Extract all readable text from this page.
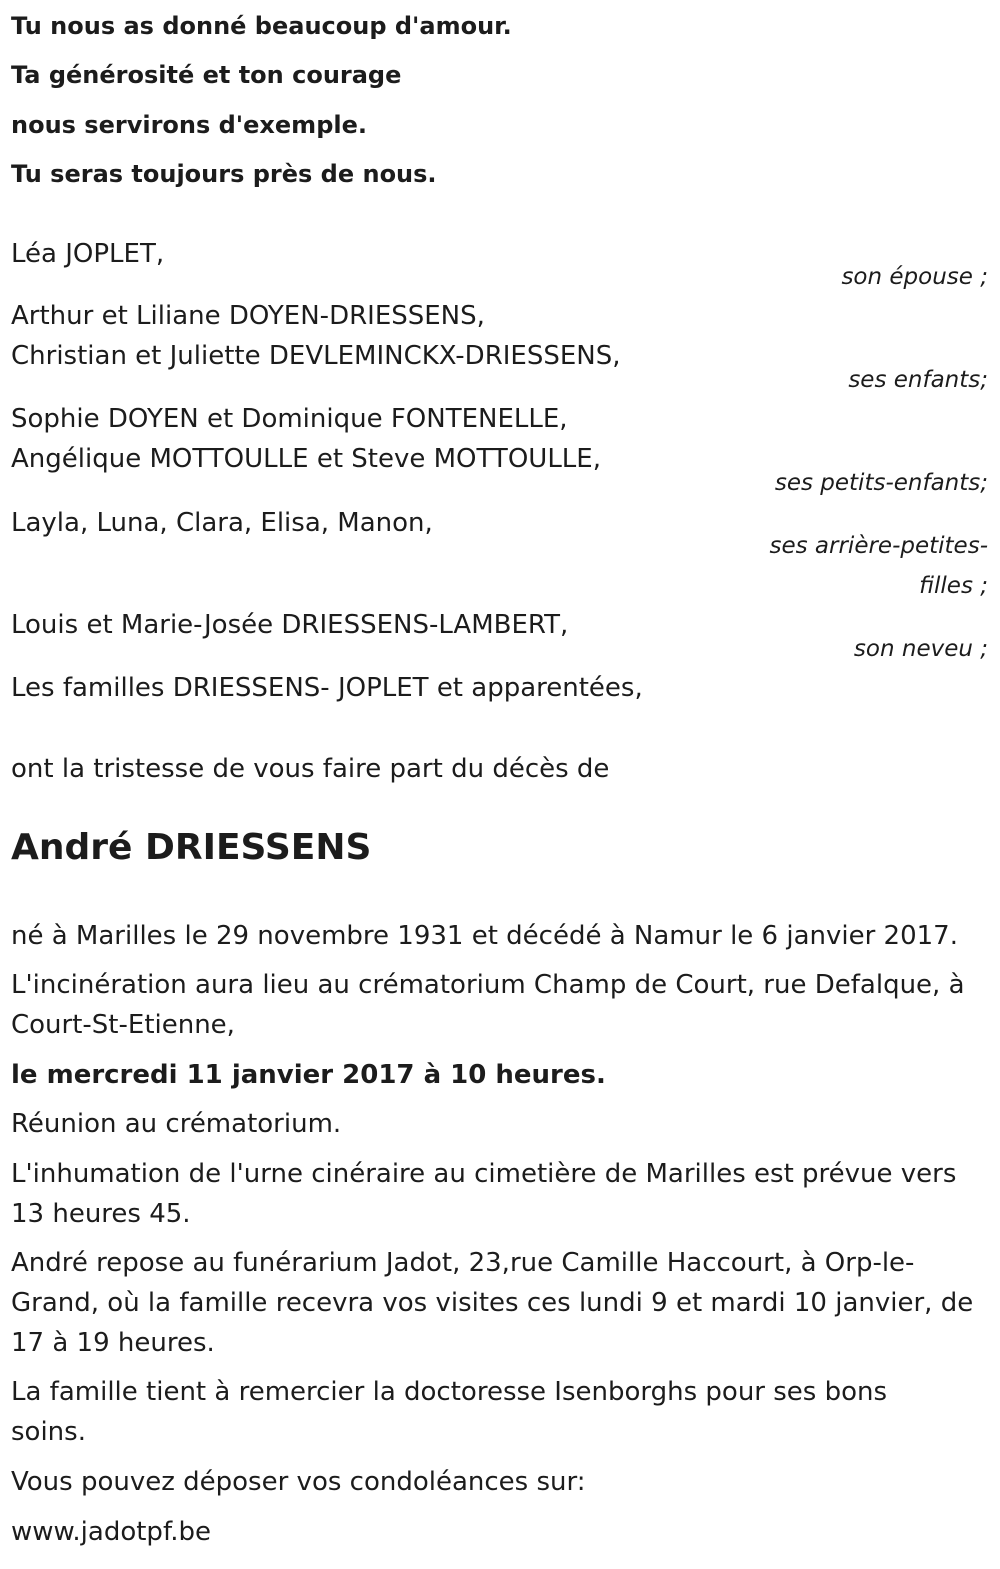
Tu nous as donné beaucoup d'amour.
Ta générosité et ton courage
nous servirons d'exemple.
Tu seras toujours près de nous.
Léa JOPLET,
son épouse ;
Arthur et Liliane DOYEN-DRIESSENS,
Christian et Juliette DEVLEMINCKX-DRIESSENS,
ses enfants;
Sophie DOYEN et Dominique FONTENELLE,
Angélique MOTTOULLE et Steve MOTTOULLE,
ses petits-enfants;
Layla, Luna, Clara, Elisa, Manon,
ses arrière-petites-
filles ;
Louis et Marie-Josée DRIESSENS-LAMBERT,
son neveu ;
Les familles DRIESSENS- JOPLET et apparentées,
ont la tristesse de vous faire part du décès de
André DRIESSENS
né à Marilles le 29 novembre 1931 et décédé à Namur le 6 janvier 2017.
L'incinération aura lieu au crématorium Champ de Court, rue Defalque, à
Court-St-Etienne,
le mercredi 11 janvier 2017 à 10 heures.
Réunion au crématorium.
L'inhumation de l'urne cinéraire au cimetière de Marilles est prévue vers
13 heures 45.
André repose au funérarium Jadot, 23,rue Camille Haccourt, à Orp-le-
Grand, où la famille recevra vos visites ces lundi 9 et mardi 10 janvier, de
17 à 19 heures.
La famille tient à remercier la doctoresse Isenborghs pour ses bons
soins.
Vous pouvez déposer vos condoléances sur:
www.jadotpf.be
